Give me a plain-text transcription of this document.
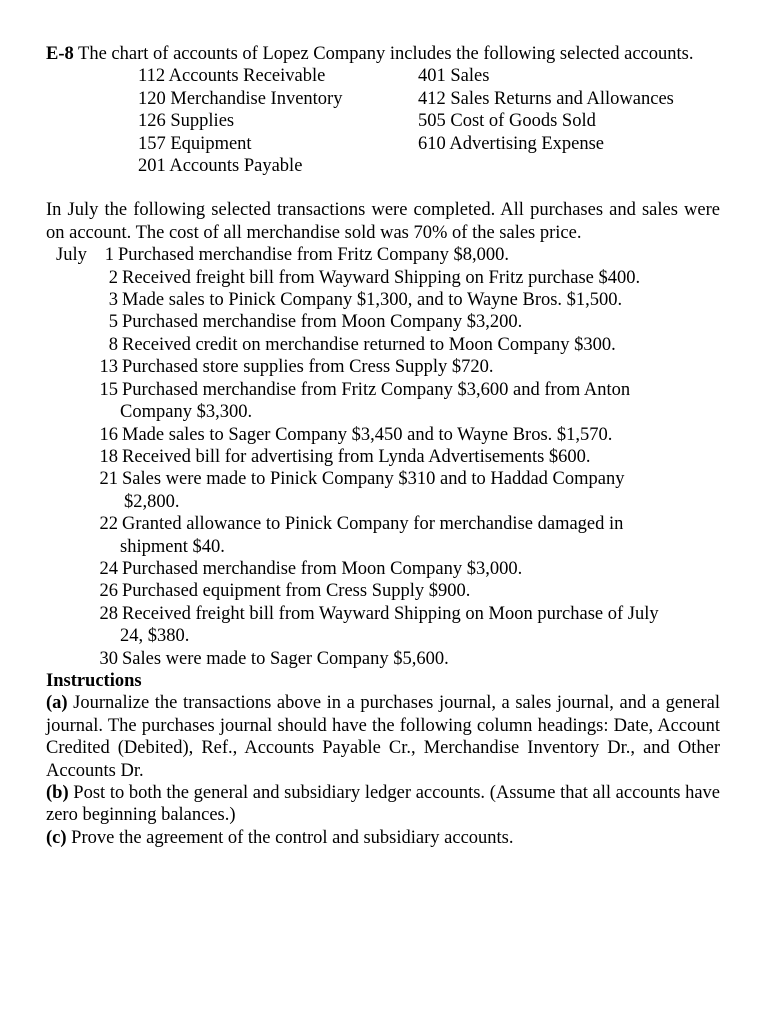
E-8 The chart of accounts of Lopez Company includes the following selected accounts.
112 Accounts Receivable
120 Merchandise Inventory
126 Supplies
157 Equipment
201 Accounts Payable
401 Sales
412 Sales Returns and Allowances
505 Cost of Goods Sold
610 Advertising Expense
In July the following selected transactions were completed. All purchases and sales were on account. The cost of all merchandise sold was 70% of the sales price.
July 1 Purchased merchandise from Fritz Company $8,000.
2 Received freight bill from Wayward Shipping on Fritz purchase $400.
3 Made sales to Pinick Company $1,300, and to Wayne Bros. $1,500.
5 Purchased merchandise from Moon Company $3,200.
8 Received credit on merchandise returned to Moon Company $300.
13 Purchased store supplies from Cress Supply $720.
15 Purchased merchandise from Fritz Company $3,600 and from Anton
Company $3,300.
16 Made sales to Sager Company $3,450 and to Wayne Bros. $1,570.
18 Received bill for advertising from Lynda Advertisements $600.
21 Sales were made to Pinick Company $310 and to Haddad Company
$2,800.
22 Granted allowance to Pinick Company for merchandise damaged in
shipment $40.
24 Purchased merchandise from Moon Company $3,000.
26 Purchased equipment from Cress Supply $900.
28 Received freight bill from Wayward Shipping on Moon purchase of July
24, $380.
30 Sales were made to Sager Company $5,600.
Instructions
(a) Journalize the transactions above in a purchases journal, a sales journal, and a general journal. The purchases journal should have the following column headings: Date, Account Credited (Debited), Ref., Accounts Payable Cr., Merchandise Inventory Dr., and Other Accounts Dr.
(b) Post to both the general and subsidiary ledger accounts. (Assume that all accounts have zero beginning balances.)
(c) Prove the agreement of the control and subsidiary accounts.
